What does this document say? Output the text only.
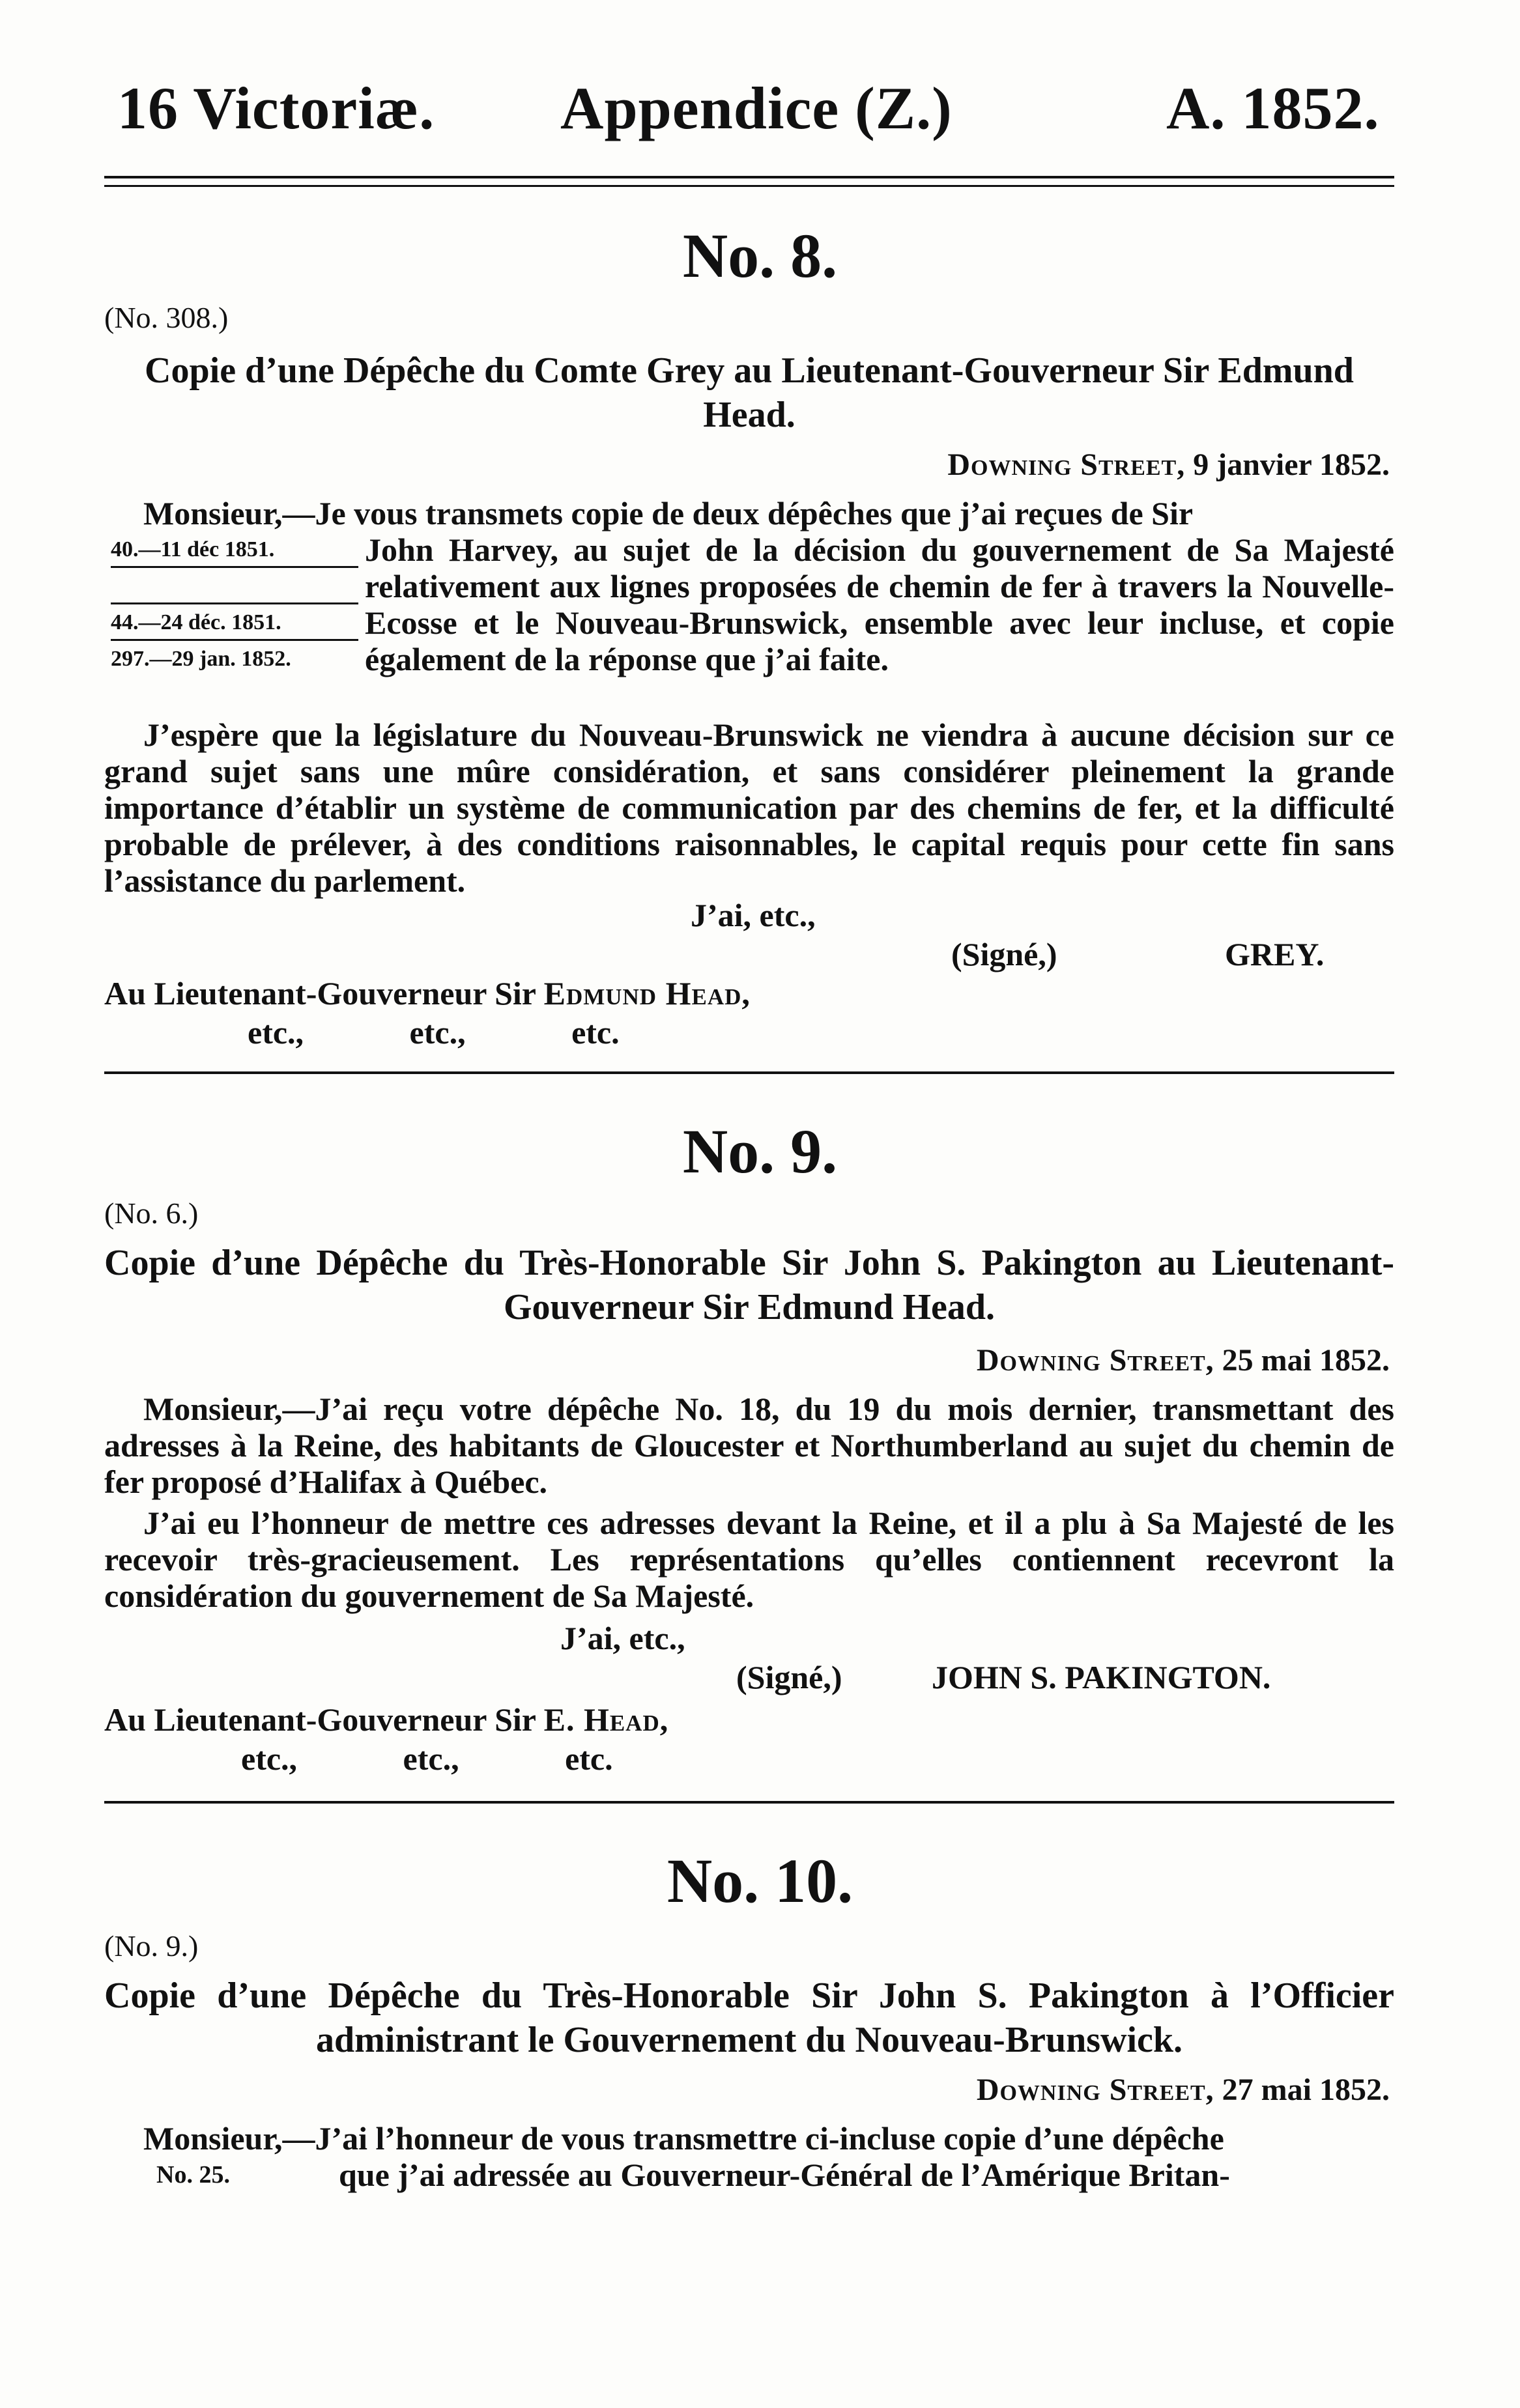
16 Victoriæ. Appendice (Z.)	A. 1852.
No. 8.
(No. 308.)
Copie d’une Dépêche du Comte Grey au Lieutenant-Gouverneur Sir Edmund Head.
Downing Street, 9 janvier 1852.

Monsieur,—Je vous transmets copie de deux dépêches que j’ai reçues de Sir

40.—11 déc 1851.
44.—24 déc. 1851.
297.—29 jan. 1852.

John Harvey, au sujet de la décision du gouvernement de Sa Majesté relativement aux lignes proposées de chemin de fer à travers la Nouvelle-Ecosse et le Nouveau-Brunswick, ensemble avec leur incluse, et copie également de la réponse que j’ai faite.

J’espère que la législature du Nouveau-Brunswick ne viendra à aucune décision sur ce grand sujet sans une mûre considération, et sans considérer pleinement la grande importance d’établir un système de communication par des chemins de fer, et la difficulté probable de prélever, à des conditions raisonnables, le capital requis pour cette fin sans l’assistance du parlement.

J’ai, etc.,
(Signé,)	GREY.
Au Lieutenant-Gouverneur Sir Edmund Head,
etc.,	etc.,	etc.
No. 9.
(No. 6.)
Copie d’une Dépêche du Très-Honorable Sir John S. Pakington au Lieutenant-Gouverneur Sir Edmund Head.
Downing Street, 25 mai 1852.

Monsieur,—J’ai reçu votre dépêche No. 18, du 19 du mois dernier, transmettant des adresses à la Reine, des habitants de Gloucester et Northumberland au sujet du chemin de fer proposé d’Halifax à Québec.

J’ai eu l’honneur de mettre ces adresses devant la Reine, et il a plu à Sa Majesté de les recevoir très-gracieusement. Les représentations qu’elles contiennent recevront la considération du gouvernement de Sa Majesté.

J’ai, etc.,
(Signé,)	JOHN S. PAKINGTON.
Au Lieutenant-Gouverneur Sir E. Head,
etc.,	etc.,	etc.
No. 10.
(No. 9.)
Copie d’une Dépêche du Très-Honorable Sir John S. Pakington à l’Officier administrant le Gouvernement du Nouveau-Brunswick.
Downing Street, 27 mai 1852.

Monsieur,—J’ai l’honneur de vous transmettre ci-incluse copie d’une dépêche

No. 25.	que j’ai adressée au Gouverneur-Général de l’Amérique Britan-
